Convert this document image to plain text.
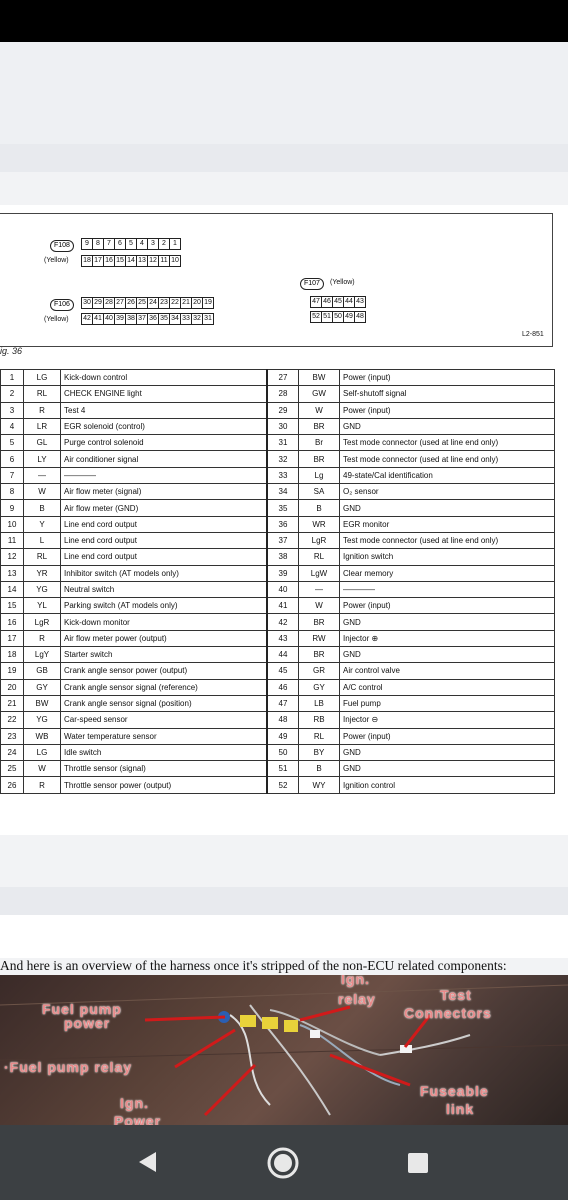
F108
(Yellow)
9	8	7	6	5	4	3	2	1
18 17 16 15 14 13 12 11 10
F106
(Yellow)
30 29 28 27 26 25 24 23 22 21 20 19
42 41 40 39 38 37 36 35 34 33 32 31
F107	(Yellow)
47 46 45 44 43
52 51 50 49 48
L2-851
ig. 36
1	LG	Kick-down control	27	BW	Power (input)
2	RL	CHECK ENGINE light	28	GW	Self-shutoff signal
3	R	Test 4	29	W	Power (input)
4	LR	EGR solenoid (control)	30	BR	GND
5	GL	Purge control solenoid	31	Br	Test mode connector (used at line end only)
6	LY	Air conditioner signal	32	BR	Test mode connector (used at line end only)
7	—	————	33	Lg	49-state/Cal identification
8	W	Air flow meter (signal)	34	SA	O₂ sensor
9	B	Air flow meter (GND)	35	B	GND
10	Y	Line end cord output	36	WR	EGR monitor
11	L	Line end cord output	37	LgR	Test mode connector (used at line end only)
12	RL	Line end cord output	38	RL	Ignition switch
13	YR	Inhibitor switch (AT models only)	39	LgW	Clear memory
14	YG	Neutral switch	40	—	————
15	YL	Parking switch (AT models only)	41	W	Power (input)
16	LgR	Kick-down monitor	42	BR	GND
17	R	Air flow meter power (output)	43	RW	Injector ⊕
18	LgY	Starter switch	44	BR	GND
19	GB	Crank angle sensor power (output)	45	GR	Air control valve
20	GY	Crank angle sensor signal (reference)	46	GY	A/C control
21	BW	Crank angle sensor signal (position)	47	LB	Fuel pump
22	YG	Car-speed sensor	48	RB	Injector ⊖
23	WB	Water temperature sensor	49	RL	Power (input)
24	LG	Idle switch	50	BY	GND
25	W	Throttle sensor (signal)	51	B	GND
26	R	Throttle sensor power (output)	52	WY	Ignition control
And here is an overview of the harness once it's stripped of the non-ECU related components:
Fuel pump
power
·Fuel pump relay
Ign.
relay	Test
Connectors
Fuseable
link
Ign.
Power
